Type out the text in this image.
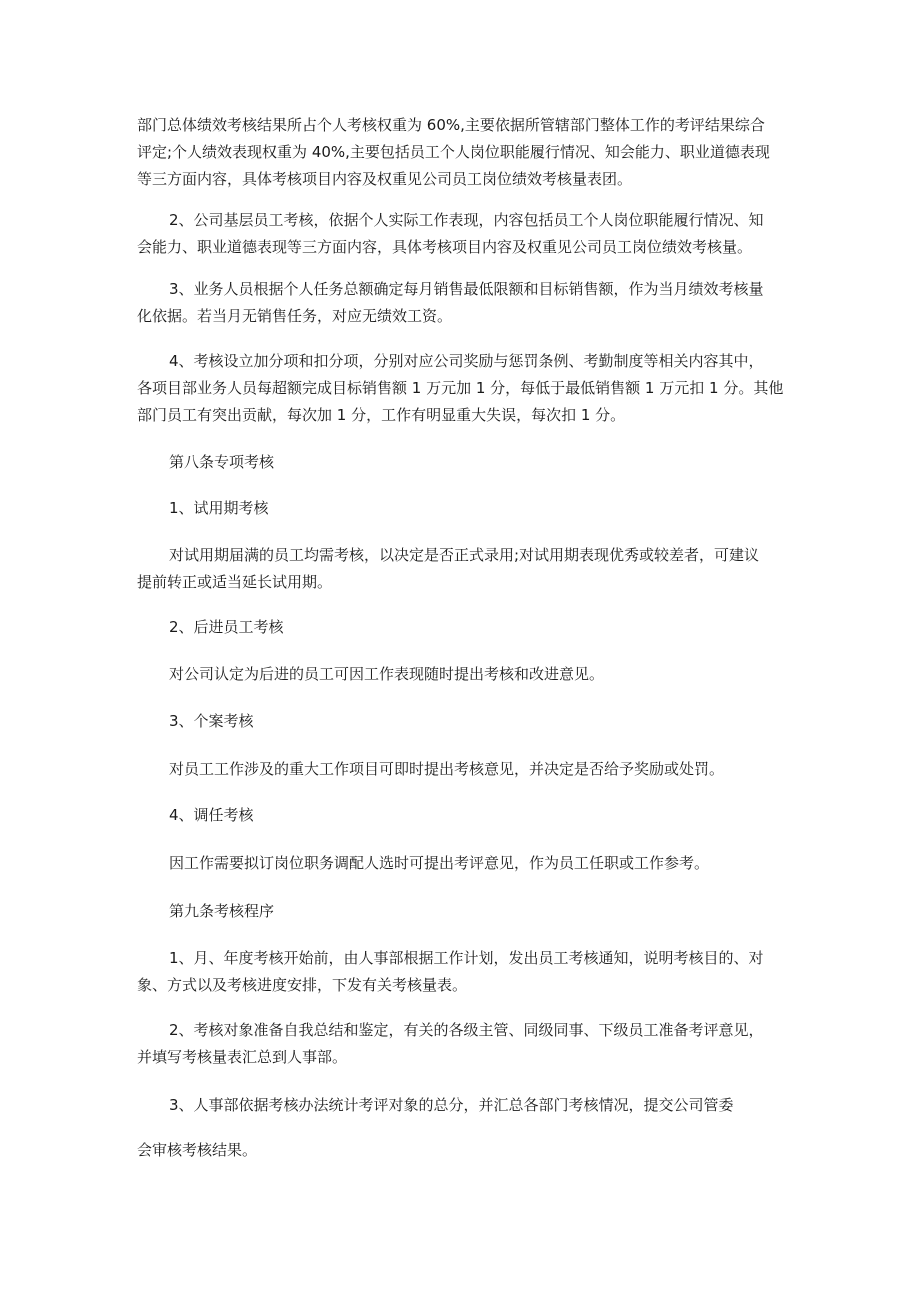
部门总体绩效考核结果所占个人考核权重为 60%,主要依据所管辖部门整体工作的考评结果综合
评定;个人绩效表现权重为 40%,主要包括员工个人岗位职能履行情况、知会能力、职业道德表现
等三方面内容，具体考核项目内容及权重见公司员工岗位绩效考核量表团。

2、公司基层员工考核，依据个人实际工作表现，内容包括员工个人岗位职能履行情况、知
会能力、职业道德表现等三方面内容，具体考核项目内容及权重见公司员工岗位绩效考核量。

3、业务人员根据个人任务总额确定每月销售最低限额和目标销售额，作为当月绩效考核量
化依据。若当月无销售任务，对应无绩效工资。

4、考核设立加分项和扣分项，分别对应公司奖励与惩罚条例、考勤制度等相关内容其中，
各项目部业务人员每超额完成目标销售额 1 万元加 1 分，每低于最低销售额 1 万元扣 1 分。其他
部门员工有突出贡献，每次加 1 分，工作有明显重大失误，每次扣 1 分。

第八条专项考核

1、试用期考核

对试用期届满的员工均需考核，以决定是否正式录用;对试用期表现优秀或较差者，可建议
提前转正或适当延长试用期。

2、后进员工考核

对公司认定为后进的员工可因工作表现随时提出考核和改进意见。

3、个案考核

对员工工作涉及的重大工作项目可即时提出考核意见，并决定是否给予奖励或处罚。

4、调任考核

因工作需要拟订岗位职务调配人选时可提出考评意见，作为员工任职或工作参考。

第九条考核程序

1、月、年度考核开始前，由人事部根据工作计划，发出员工考核通知，说明考核目的、对
象、方式以及考核进度安排，下发有关考核量表。

2、考核对象准备自我总结和鉴定，有关的各级主管、同级同事、下级员工准备考评意见，
并填写考核量表汇总到人事部。

3、人事部依据考核办法统计考评对象的总分，并汇总各部门考核情况，提交公司管委

会审核考核结果。
